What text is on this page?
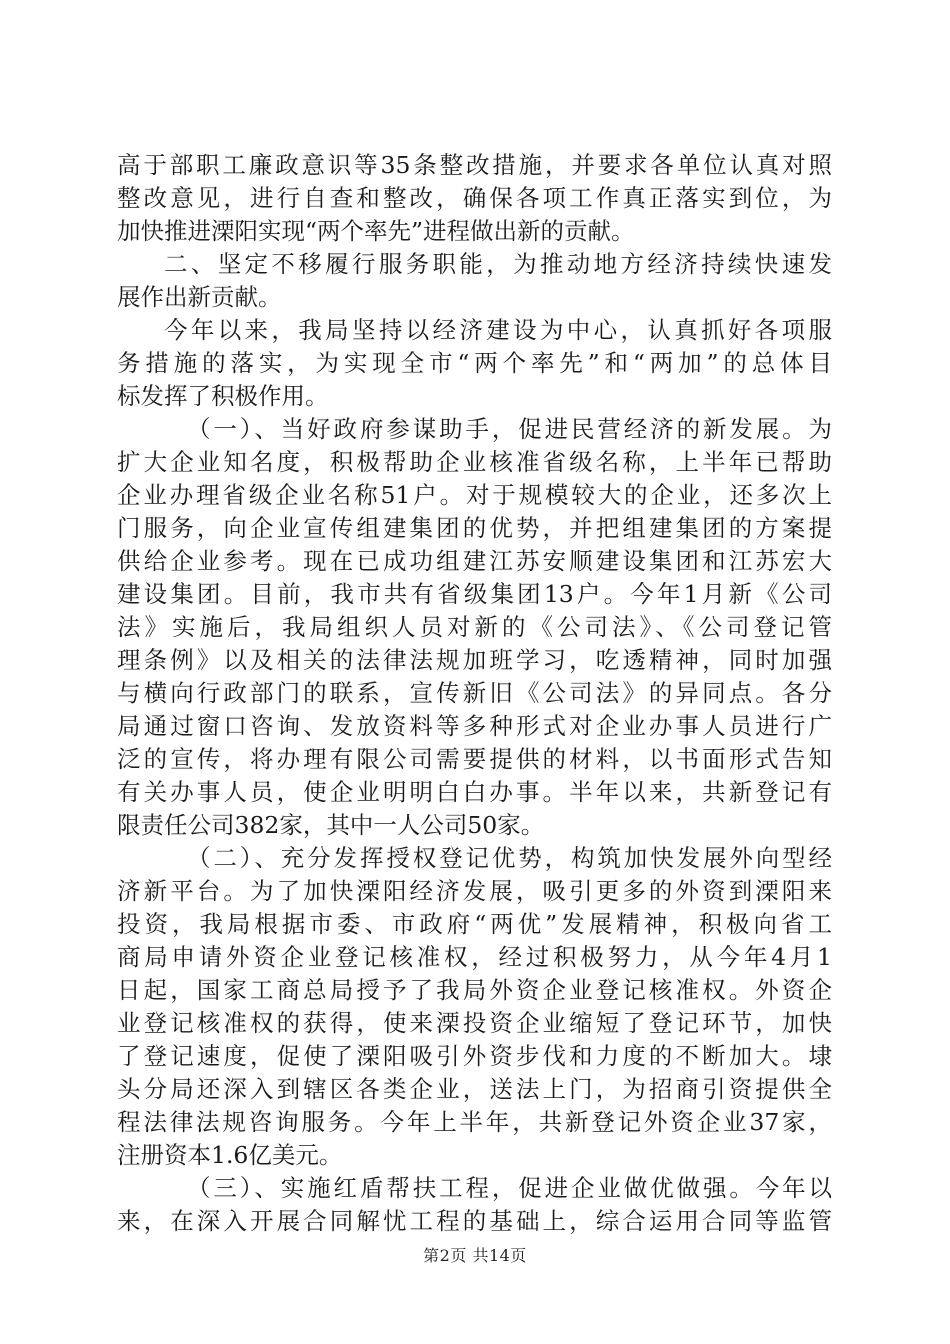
高于部职工廉政意识等35条整改措施，并要求各单位认真对照
整改意见，进行自查和整改，确保各项工作真正落实到位，为
加快推进溧阳实现“两个率先”进程做出新的贡献。
二、坚定不移履行服务职能，为推动地方经济持续快速发
展作出新贡献。
今年以来，我局坚持以经济建设为中心，认真抓好各项服
务措施的落实，为实现全市“两个率先”和“两加”的总体目
标发挥了积极作用。
（一）、当好政府参谋助手，促进民营经济的新发展。为
扩大企业知名度，积极帮助企业核准省级名称，上半年已帮助
企业办理省级企业名称51户。对于规模较大的企业，还多次上
门服务，向企业宣传组建集团的优势，并把组建集团的方案提
供给企业参考。现在已成功组建江苏安顺建设集团和江苏宏大
建设集团。目前，我市共有省级集团13户。今年1月新《公司
法》实施后，我局组织人员对新的《公司法》、《公司登记管
理条例》以及相关的法律法规加班学习，吃透精神，同时加强
与横向行政部门的联系，宣传新旧《公司法》的异同点。各分
局通过窗口咨询、发放资料等多种形式对企业办事人员进行广
泛的宣传，将办理有限公司需要提供的材料，以书面形式告知
有关办事人员，使企业明明白白办事。半年以来，共新登记有
限责任公司382家，其中一人公司50家。
（二）、充分发挥授权登记优势，构筑加快发展外向型经
济新平台。为了加快溧阳经济发展，吸引更多的外资到溧阳来
投资，我局根据市委、市政府“两优”发展精神，积极向省工
商局申请外资企业登记核准权，经过积极努力，从今年4月1
日起，国家工商总局授予了我局外资企业登记核准权。外资企
业登记核准权的获得，使来溧投资企业缩短了登记环节，加快
了登记速度，促使了溧阳吸引外资步伐和力度的不断加大。埭
头分局还深入到辖区各类企业，送法上门，为招商引资提供全
程法律法规咨询服务。今年上半年，共新登记外资企业37家，
注册资本1.6亿美元。
（三）、实施红盾帮扶工程，促进企业做优做强。今年以
来，在深入开展合同解忧工程的基础上，综合运用合同等监管
第2页 共14页
